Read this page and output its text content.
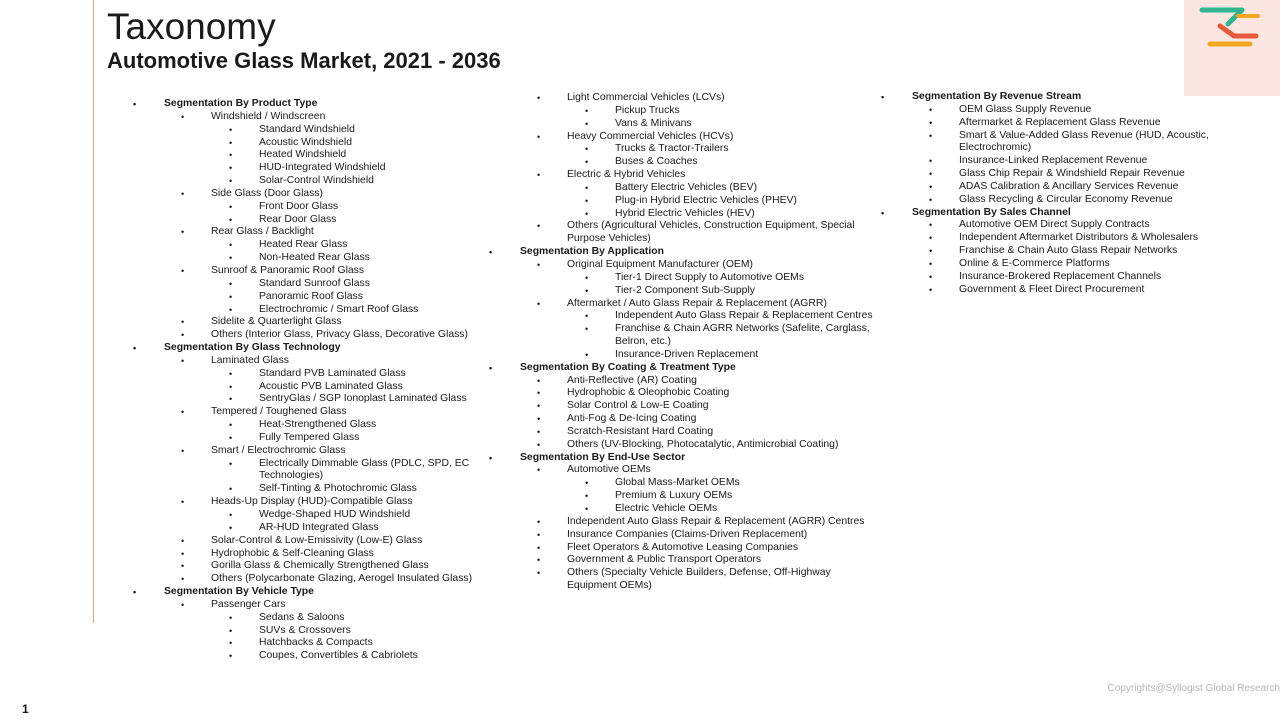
Taxonomy
Automotive Glass Market, 2021 - 2036
• Segmentation By Product Type
• Windshield / Windscreen
• Standard Windshield
• Acoustic Windshield
• Heated Windshield
• HUD-Integrated Windshield
• Solar-Control Windshield
• Side Glass (Door Glass)
• Front Door Glass
• Rear Door Glass
• Rear Glass / Backlight
• Heated Rear Glass
• Non-Heated Rear Glass
• Sunroof & Panoramic Roof Glass
• Standard Sunroof Glass
• Panoramic Roof Glass
• Electrochromic / Smart Roof Glass
• Sidelite & Quarterlight Glass
• Others (Interior Glass, Privacy Glass, Decorative Glass)
• Segmentation By Glass Technology
• Laminated Glass
• Standard PVB Laminated Glass
• Acoustic PVB Laminated Glass
• SentryGlas / SGP Ionoplast Laminated Glass
• Tempered / Toughened Glass
• Heat-Strengthened Glass
• Fully Tempered Glass
• Smart / Electrochromic Glass
• Electrically Dimmable Glass (PDLC, SPD, EC Technologies)
• Self-Tinting & Photochromic Glass
• Heads-Up Display (HUD)-Compatible Glass
• Wedge-Shaped HUD Windshield
• AR-HUD Integrated Glass
• Solar-Control & Low-Emissivity (Low-E) Glass
• Hydrophobic & Self-Cleaning Glass
• Gorilla Glass & Chemically Strengthened Glass
• Others (Polycarbonate Glazing, Aerogel Insulated Glass)
• Segmentation By Vehicle Type
• Passenger Cars
• Sedans & Saloons
• SUVs & Crossovers
• Hatchbacks & Compacts
• Coupes, Convertibles & Cabriolets
• Light Commercial Vehicles (LCVs)
• Pickup Trucks
• Vans & Minivans
• Heavy Commercial Vehicles (HCVs)
• Trucks & Tractor-Trailers
• Buses & Coaches
• Electric & Hybrid Vehicles
• Battery Electric Vehicles (BEV)
• Plug-in Hybrid Electric Vehicles (PHEV)
• Hybrid Electric Vehicles (HEV)
• Others (Agricultural Vehicles, Construction Equipment, Special Purpose Vehicles)
• Segmentation By Application
• Original Equipment Manufacturer (OEM)
• Tier-1 Direct Supply to Automotive OEMs
• Tier-2 Component Sub-Supply
• Aftermarket / Auto Glass Repair & Replacement (AGRR)
• Independent Auto Glass Repair & Replacement Centres
• Franchise & Chain AGRR Networks (Safelite, Carglass, Belron, etc.)
• Insurance-Driven Replacement
• Segmentation By Coating & Treatment Type
• Anti-Reflective (AR) Coating
• Hydrophobic & Oleophobic Coating
• Solar Control & Low-E Coating
• Anti-Fog & De-Icing Coating
• Scratch-Resistant Hard Coating
• Others (UV-Blocking, Photocatalytic, Antimicrobial Coating)
• Segmentation By End-Use Sector
• Automotive OEMs
• Global Mass-Market OEMs
• Premium & Luxury OEMs
• Electric Vehicle OEMs
• Independent Auto Glass Repair & Replacement (AGRR) Centres
• Insurance Companies (Claims-Driven Replacement)
• Fleet Operators & Automotive Leasing Companies
• Government & Public Transport Operators
• Others (Specialty Vehicle Builders, Defense, Off-Highway Equipment OEMs)
• Segmentation By Revenue Stream
• OEM Glass Supply Revenue
• Aftermarket & Replacement Glass Revenue
• Smart & Value-Added Glass Revenue (HUD, Acoustic, Electrochromic)
• Insurance-Linked Replacement Revenue
• Glass Chip Repair & Windshield Repair Revenue
• ADAS Calibration & Ancillary Services Revenue
• Glass Recycling & Circular Economy Revenue
• Segmentation By Sales Channel
• Automotive OEM Direct Supply Contracts
• Independent Aftermarket Distributors & Wholesalers
• Franchise & Chain Auto Glass Repair Networks
• Online & E-Commerce Platforms
• Insurance-Brokered Replacement Channels
• Government & Fleet Direct Procurement
1
Copyrights@Syllogist Global Research
